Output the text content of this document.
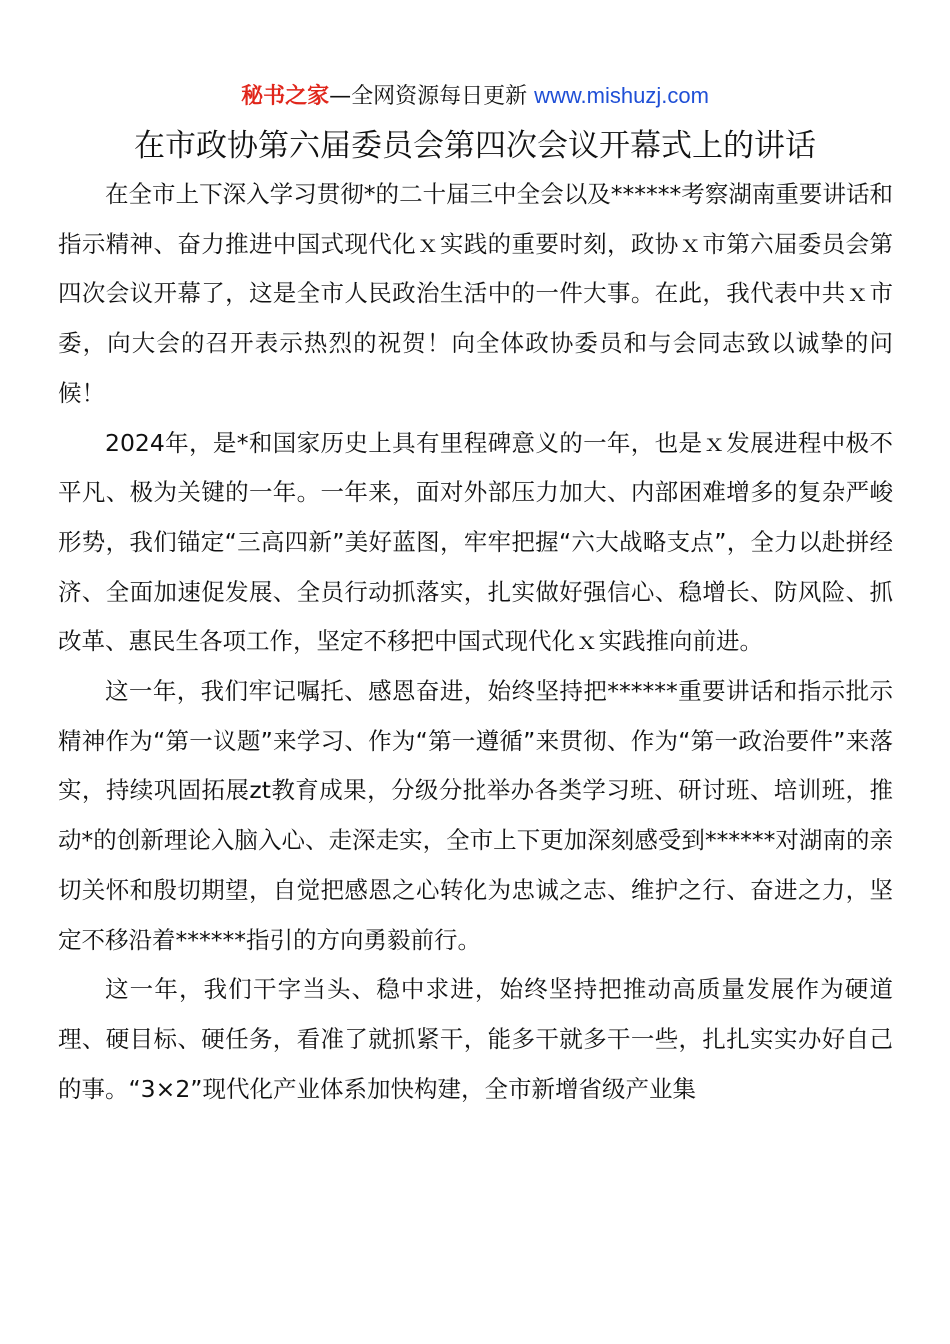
秘书之家—全网资源每日更新 www.mishuzj.com
在市政协第六届委员会第四次会议开幕式上的讲话

在全市上下深入学习贯彻*的二十届三中全会以及******考察湖南重要讲话和指示精神、奋力推进中国式现代化ｘ实践的重要时刻，政协ｘ市第六届委员会第四次会议开幕了，这是全市人民政治生活中的一件大事。在此，我代表中共ｘ市委，向大会的召开表示热烈的祝贺！向全体政协委员和与会同志致以诚挚的问候！

2024年，是*和国家历史上具有里程碑意义的一年，也是ｘ发展进程中极不平凡、极为关键的一年。一年来，面对外部压力加大、内部困难增多的复杂严峻形势，我们锚定“三高四新”美好蓝图，牢牢把握“六大战略支点”，全力以赴拼经济、全面加速促发展、全员行动抓落实，扎实做好强信心、稳增长、防风险、抓改革、惠民生各项工作，坚定不移把中国式现代化ｘ实践推向前进。

这一年，我们牢记嘱托、感恩奋进，始终坚持把******重要讲话和指示批示精神作为“第一议题”来学习、作为“第一遵循”来贯彻、作为“第一政治要件”来落实，持续巩固拓展zt教育成果，分级分批举办各类学习班、研讨班、培训班，推动*的创新理论入脑入心、走深走实，全市上下更加深刻感受到******对湖南的亲切关怀和殷切期望，自觉把感恩之心转化为忠诚之志、维护之行、奋进之力，坚定不移沿着******指引的方向勇毅前行。

这一年，我们干字当头、稳中求进，始终坚持把推动高质量发展作为硬道理、硬目标、硬任务，看准了就抓紧干，能多干就多干一些，扎扎实实办好自己的事。“3×2”现代化产业体系加快构建，全市新增省级产业集
